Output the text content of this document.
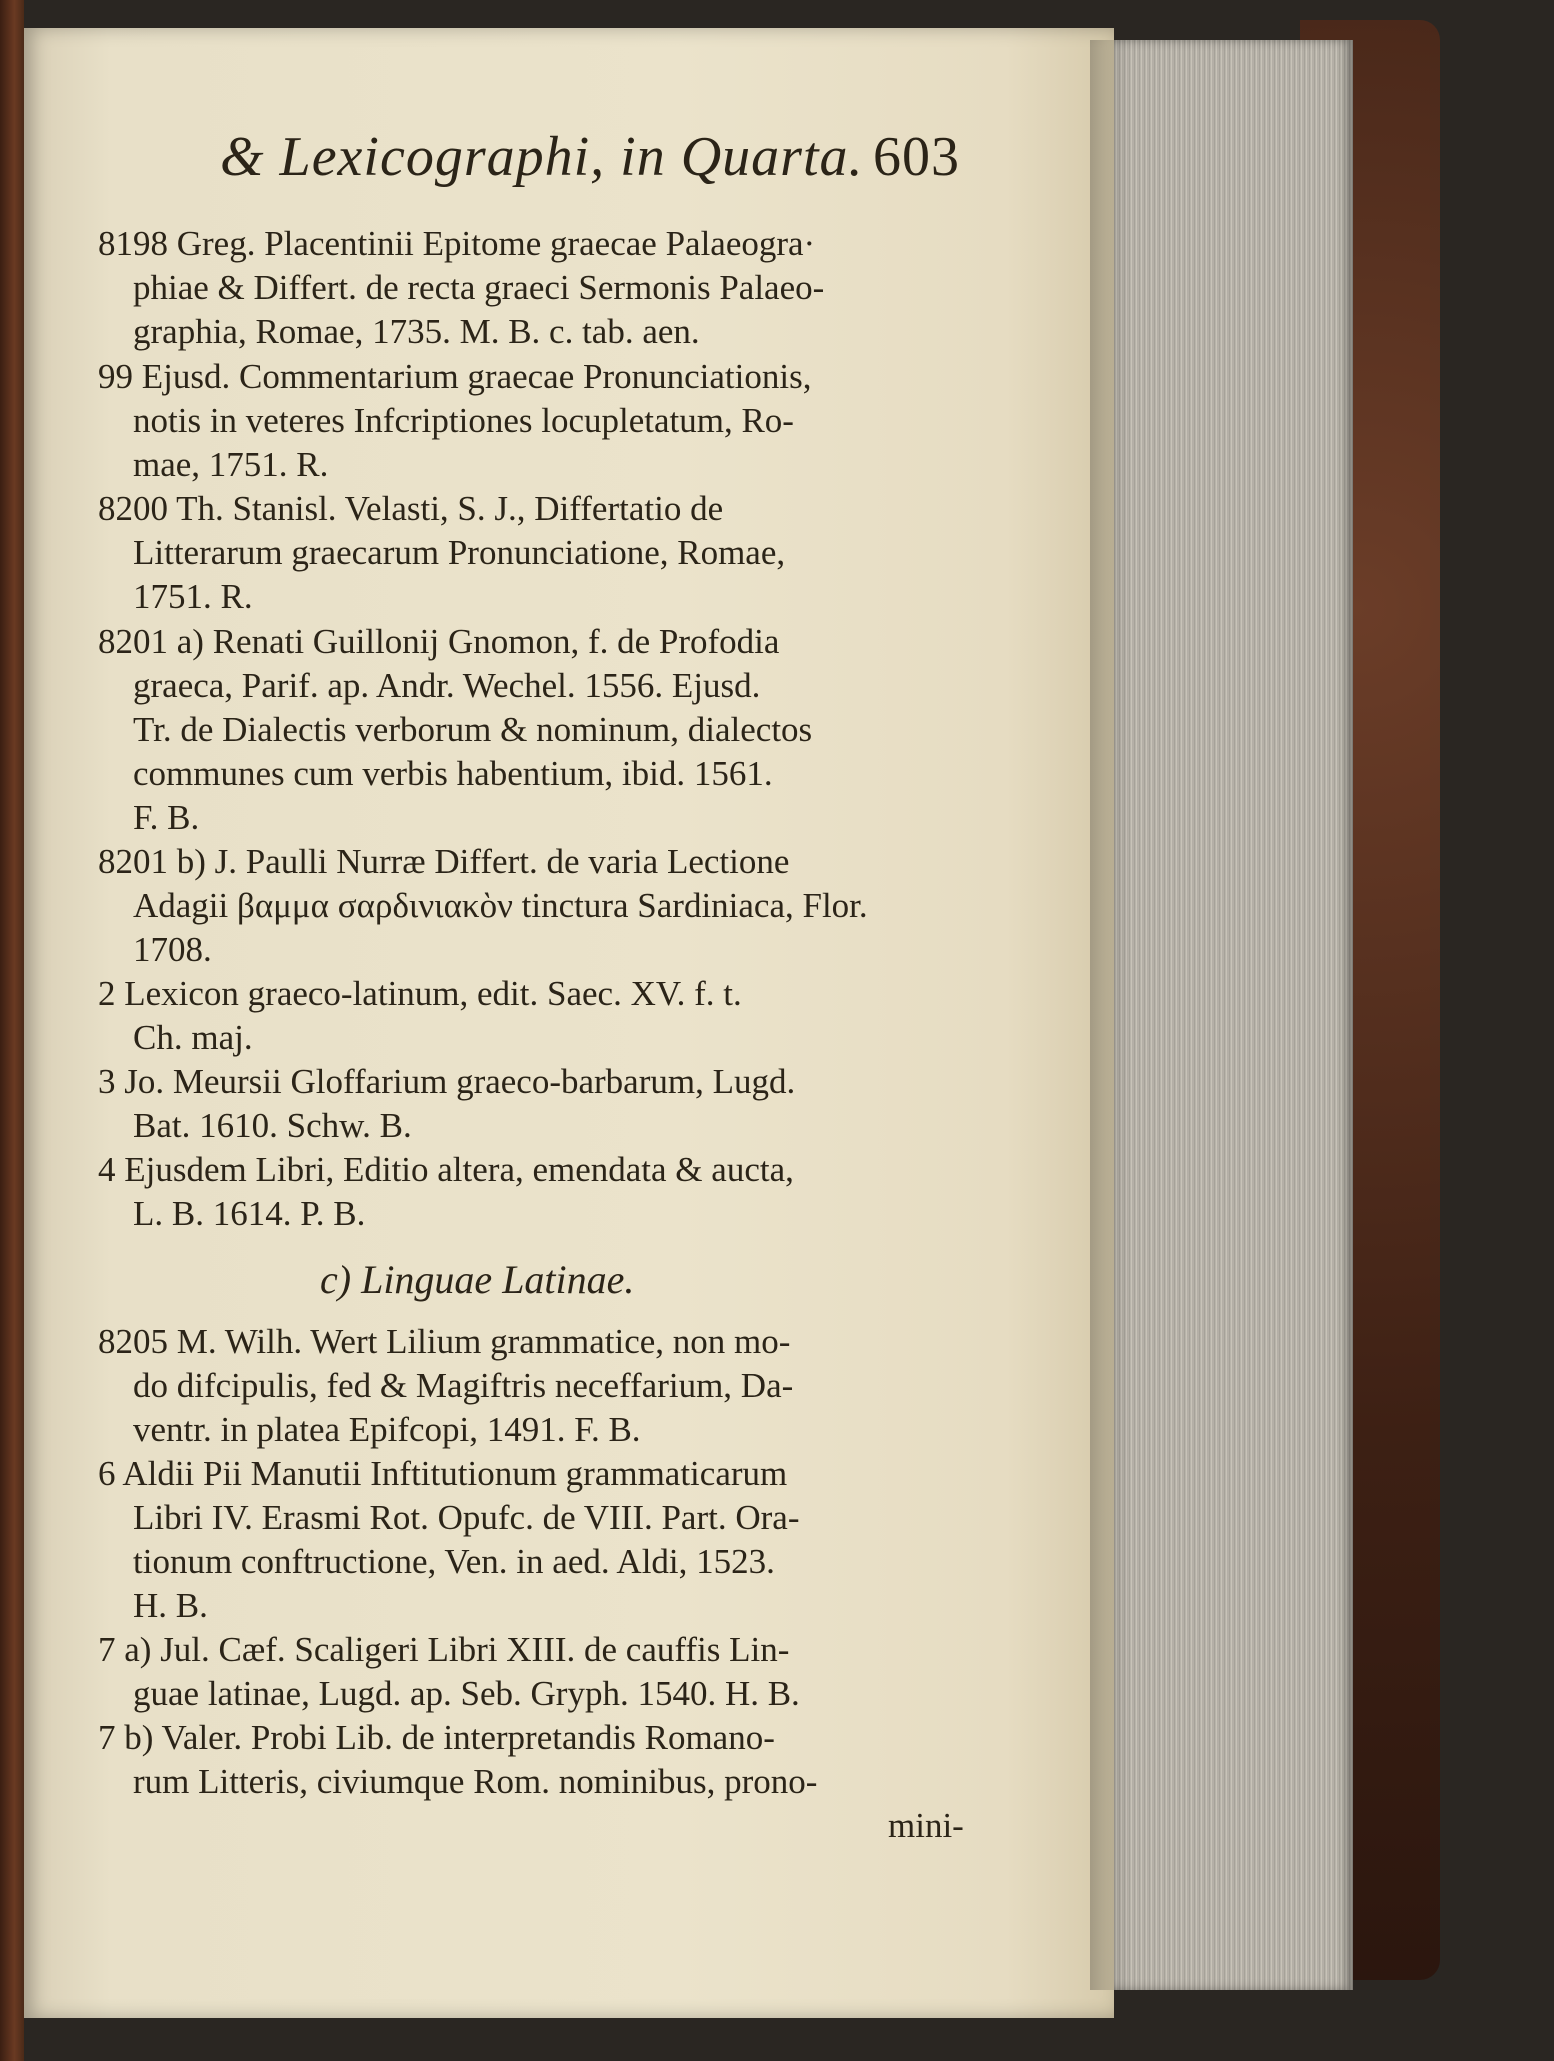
& Lexicographi, in Quarta. 603
8198 Greg. Placentinii Epitome graecae Palaeogra·
phiae & Differt. de recta graeci Sermonis Palaeo-
graphia, Romae, 1735. M. B. c. tab. aen.
99 Ejusd. Commentarium graecae Pronunciationis,
notis in veteres Infcriptiones locupletatum, Ro-
mae, 1751. R.
8200 Th. Stanisl. Velasti, S. J., Differtatio de
Litterarum graecarum Pronunciatione, Romae,
1751. R.
8201 a) Renati Guillonij Gnomon, f. de Profodia
graeca, Parif. ap. Andr. Wechel. 1556. Ejusd.
Tr. de Dialectis verborum & nominum, dialectos
communes cum verbis habentium, ibid. 1561.
F. B.
8201 b) J. Paulli Nurræ Differt. de varia Lectione
Adagii βαμμα σαρδινιακὸν tinctura Sardiniaca, Flor.
1708.
2 Lexicon graeco-latinum, edit. Saec. XV. f. t.
Ch. maj.
3 Jo. Meursii Gloffarium graeco-barbarum, Lugd.
Bat. 1610. Schw. B.
4 Ejusdem Libri, Editio altera, emendata & aucta,
L. B. 1614. P. B.
c) Linguae Latinae.
8205 M. Wilh. Wert Lilium grammatice, non mo-
do difcipulis, fed & Magiftris neceffarium, Da-
ventr. in platea Epifcopi, 1491. F. B.
6 Aldii Pii Manutii Inftitutionum grammaticarum
Libri IV. Erasmi Rot. Opufc. de VIII. Part. Ora-
tionum conftructione, Ven. in aed. Aldi, 1523.
H. B.
7 a) Jul. Cæf. Scaligeri Libri XIII. de cauffis Lin-
guae latinae, Lugd. ap. Seb. Gryph. 1540. H. B.
7 b) Valer. Probi Lib. de interpretandis Romano-
rum Litteris, civiumque Rom. nominibus, prono-
mini-
